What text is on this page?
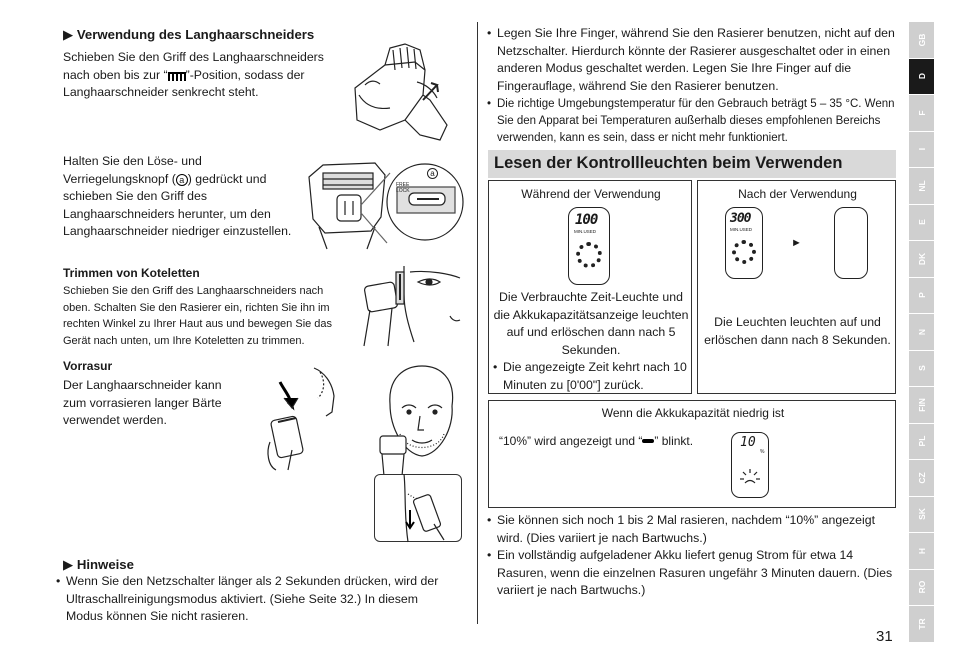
▶ Verwendung des Langhaarschneiders
Schieben Sie den Griff des Langhaarschneiders nach oben bis zur “ ”-Position, sodass der Langhaarschneider senkrecht steht.
Halten Sie den Löse- und Verriegelungsknopf ( a ) gedrückt und schieben Sie den Griff des Langhaarschneiders herunter, um den Langhaarschneider niedriger einzustellen.
a
FREE
LOCK
Trimmen von Koteletten
Schieben Sie den Griff des Langhaarschneiders nach oben. Schalten Sie den Rasierer ein, richten Sie ihn im rechten Winkel zu Ihrer Haut aus und bewegen Sie das Gerät nach unten, um Ihre Koteletten zu trimmen.
Vorrasur
Der Langhaarschneider kann zum vorrasieren langer Bärte verwendet werden.
▶ Hinweise
• Wenn Sie den Netzschalter länger als 2 Sekunden drücken, wird der Ultraschallreinigungsmodus aktiviert. (Siehe Seite 32.) In diesem Modus können Sie nicht rasieren.
• Legen Sie Ihre Finger, während Sie den Rasierer benutzen, nicht auf den Netzschalter. Hierdurch könnte der Rasierer ausgeschaltet oder in einen anderen Modus geschaltet werden. Legen Sie Ihre Finger auf die Fingerauflage, während Sie den Rasierer benutzen.
• Die richtige Umgebungstemperatur für den Gebrauch beträgt 5 – 35 °C. Wenn Sie den Apparat bei Temperaturen außerhalb dieses empfohlenen Bereichs verwenden, kann es sein, dass er nicht mehr funktioniert.
Lesen der Kontrollleuchten beim Verwenden
Während der Verwendung
100
MIN.USED
Die Verbrauchte Zeit-Leuchte und die Akkukapazitätsanzeige leuchten auf und erlöschen dann nach 5 Sekunden.
• Die angezeigte Zeit kehrt nach 10 Minuten zu [0'00"] zurück.
Nach der Verwendung
300
MIN.USED
►
Die Leuchten leuchten auf und erlöschen dann nach 8 Sekunden.
Wenn die Akkukapazität niedrig ist
“10%” wird angezeigt und “ ” blinkt.	10
%
• Sie können sich noch 1 bis 2 Mal rasieren, nachdem “10%” angezeigt wird. (Dies variiert je nach Bartwuchs.)
• Ein vollständig aufgeladener Akku liefert genug Strom für etwa 14 Rasuren, wenn die einzelnen Rasuren ungefähr 3 Minuten dauern. (Dies variiert je nach Bartwuchs.)
GB
D
F
I
NL
E
DK
P
N
S
FIN
PL
CZ
SK
H
RO
TR
31
